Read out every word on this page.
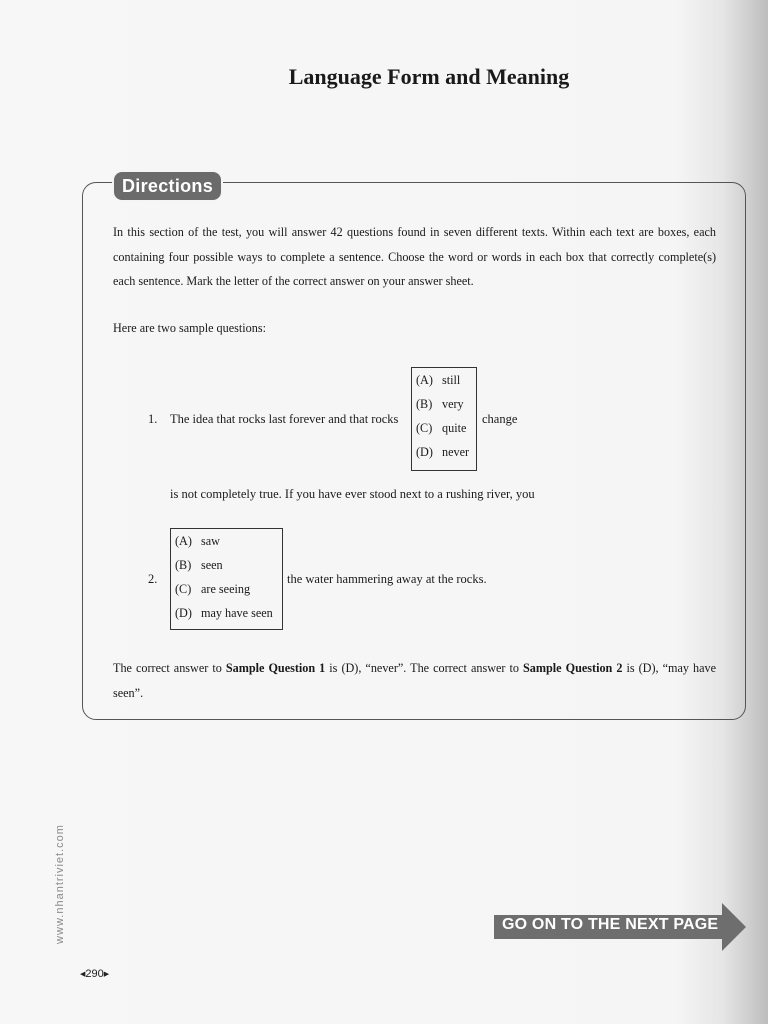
Language Form and Meaning
Directions
In this section of the test, you will answer 42 questions found in seven different texts. Within each text are boxes, each containing four possible ways to complete a sentence. Choose the word or words in each box that correctly complete(s) each sentence. Mark the letter of the correct answer on your answer sheet.
Here are two sample questions:
1. The idea that rocks last forever and that rocks
(A) still
(B) very
(C) quite
(D) never
change
is not completely true. If you have ever stood next to a rushing river, you
(A) saw
(B) seen
(C) are seeing
(D) may have seen
2.	the water hammering away at the rocks.
The correct answer to Sample Question 1 is (D), “never”. The correct answer to Sample Question 2 is (D), “may have seen”.
www.nhantriviet.com	GO ON TO THE NEXT PAGE
◀290▶
